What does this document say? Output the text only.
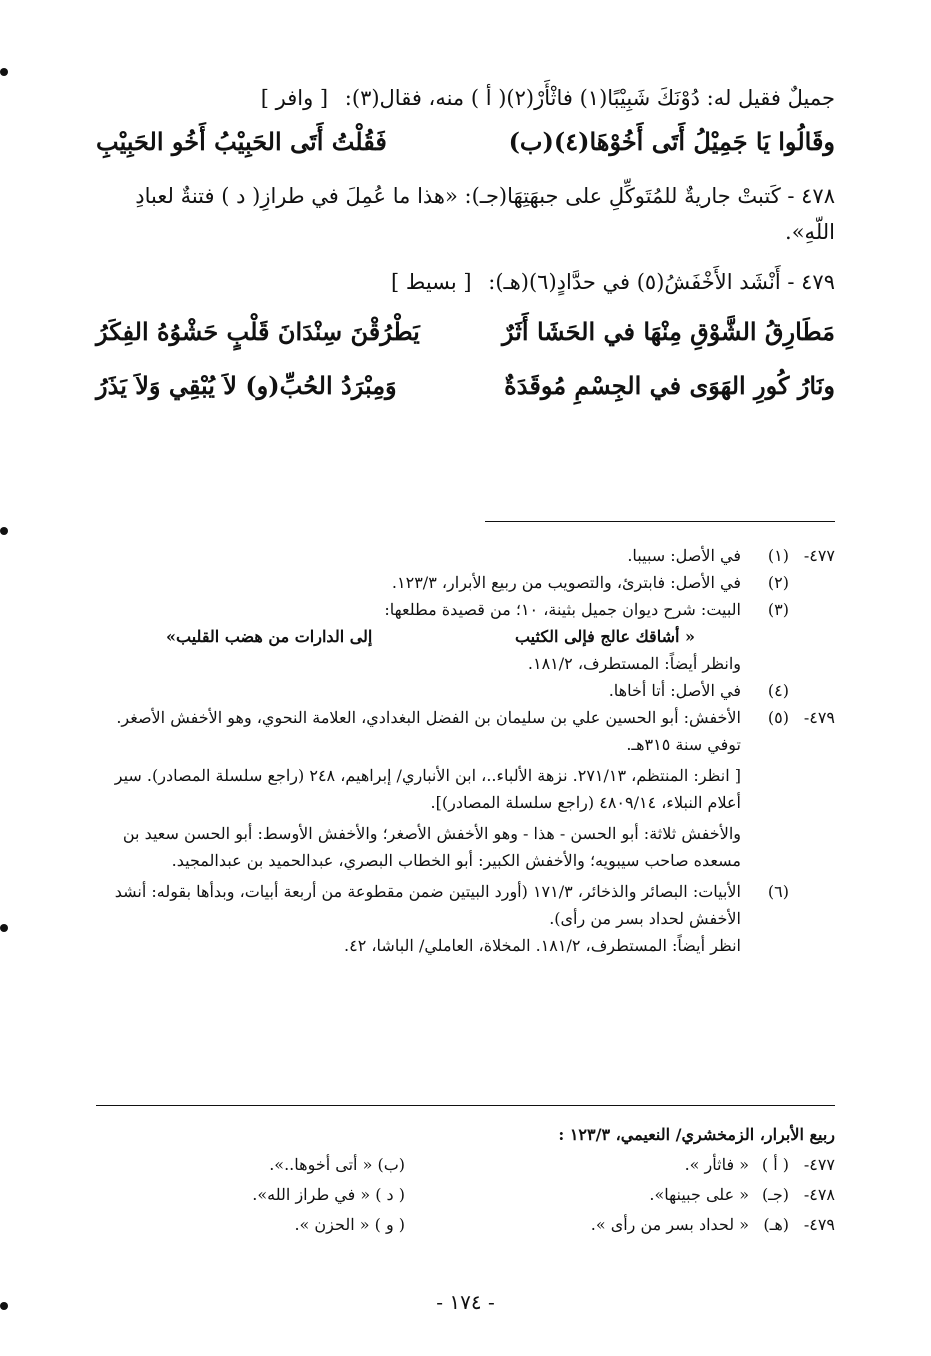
جميلٌ فقيل له: دُوْنَكَ شَبِيْبًا(١) فاثْأَرْ(٢)( أ ) منه، فقال(٣): [ وافر ]
وقَالُوا يَا جَمِيْلُ أَتَى أَخُوْهَا(٤)(ب)
فَقُلْتُ أَتَى الحَبِيْبُ أَخُو الحَبِيْبِ
٤٧٨ - كَتبتْ جاريةٌ للمُتَوكِّلِ على جبهَتِهَا(جـ): «هذا ما عُمِلَ في طرازِ( د ) فتنةٌ لعبادِ اللّهِ».
٤٧٩ - أَنْشَد الأَخْفَشُ(٥) في حدَّادٍ(٦)(هـ): [ بسيط ]
مَطَارِقُ الشَّوْقِ مِنْهَا في الحَشَا أَثَرٌ
يَطْرُقْنَ سِنْدَانَ قَلْبٍ حَشْوُهُ الفِكَرُ
ونَارُ كُورِ الهَوَى في الجِسْمِ مُوقَدَةٌ
وَمِبْرَدُ الحُبِّ(و) لاَ يُبْقِي وَلاَ يَذَرُ
٤٧٧-
(١)
في الأصل: سبيبا.
(٢)
في الأصل: فابترئ، والتصويب من ربيع الأبرار، ١٢٣/٣.
(٣)
البيت: شرح ديوان جميل بثينة، ١٠؛ من قصيدة مطلعها:
« أشاقك عالج فإلى الكثيب
إلى الدارات من هضب القليب»
وانظر أيضاً: المستطرف، ١٨١/٢.
(٤)
في الأصل: أتا أخاها.
٤٧٩-
(٥)
الأخفش: أبو الحسين علي بن سليمان بن الفضل البغدادي، العلامة النحوي، وهو الأخفش الأصغر. توفي سنة ٣١٥هـ.
[ انظر: المنتظم، ٢٧١/١٣. نزهة الألباء..، ابن الأنباري/ إبراهيم، ٢٤٨ (راجع سلسلة المصادر). سير أعلام النبلاء، ٤٨٠٩/١٤ (راجع سلسلة المصادر)].
والأخفش ثلاثة: أبو الحسن - هذا - وهو الأخفش الأصغر؛ والأخفش الأوسط: أبو الحسن سعيد بن مسعده صاحب سيبويه؛ والأخفش الكبير: أبو الخطاب البصري، عبدالحميد بن عبدالمجيد.
(٦)
الأبيات: البصائر والذخائر، ١٧١/٣ (أورد البيتين ضمن مقطوعة من أربعة أبيات، وبدأها بقوله: أنشد الأخفش لحداد بسر من رأى).
انظر أيضاً: المستطرف، ١٨١/٢. المخلاة، العاملي/ الباشا، ٤٢.
ربيع الأبرار، الزمخشري/ النعيمي، ١٢٣/٣ :
٤٧٧-
( أ )
« فاثأر ».
(ب) « أتى أخوها..».
٤٧٨-
(جـ)
« على جبينها».
( د ) « في طراز الله».
٤٧٩-
(هـ)
« لحداد بسر من رأى ».
( و ) « الحزن ».
- ١٧٤ -
